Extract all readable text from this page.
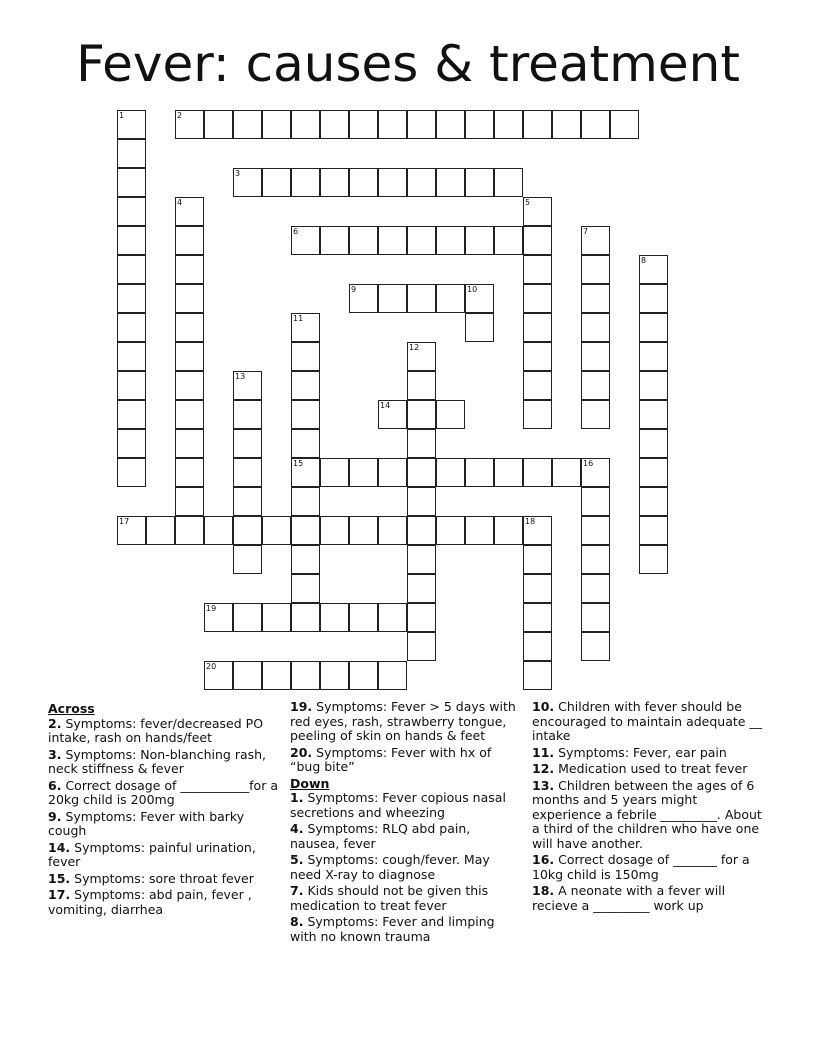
Fever: causes & treatment
1	2
3
4	5
6	7
8
9	10
11
12
13
14
15	16
17	18
19
20
Across
2. Symptoms: fever/decreased PO intake, rash on hands/feet
3. Symptoms: Non-blanching rash, neck stiffness & fever
6. Correct dosage of ___________for a 20kg child is 200mg
9. Symptoms: Fever with barky cough
14. Symptoms: painful urination, fever
15. Symptoms: sore throat fever
17. Symptoms: abd pain, fever , vomiting, diarrhea
19. Symptoms: Fever > 5 days with red eyes, rash, strawberry tongue, peeling of skin on hands & feet
20. Symptoms: Fever with hx of “bug bite”
Down
1. Symptoms: Fever copious nasal secretions and wheezing
4. Symptoms: RLQ abd pain, nausea, fever
5. Symptoms: cough/fever. May need X-ray to diagnose
7. Kids should not be given this medication to treat fever
8. Symptoms: Fever and limping with no known trauma
10. Children with fever should be encouraged to maintain adequate __ intake
11. Symptoms: Fever, ear pain
12. Medication used to treat fever
13. Children between the ages of 6 months and 5 years might experience a febrile _________. About a third of the children who have one will have another.
16. Correct dosage of _______ for a 10kg child is 150mg
18. A neonate with a fever will recieve a _________ work up
